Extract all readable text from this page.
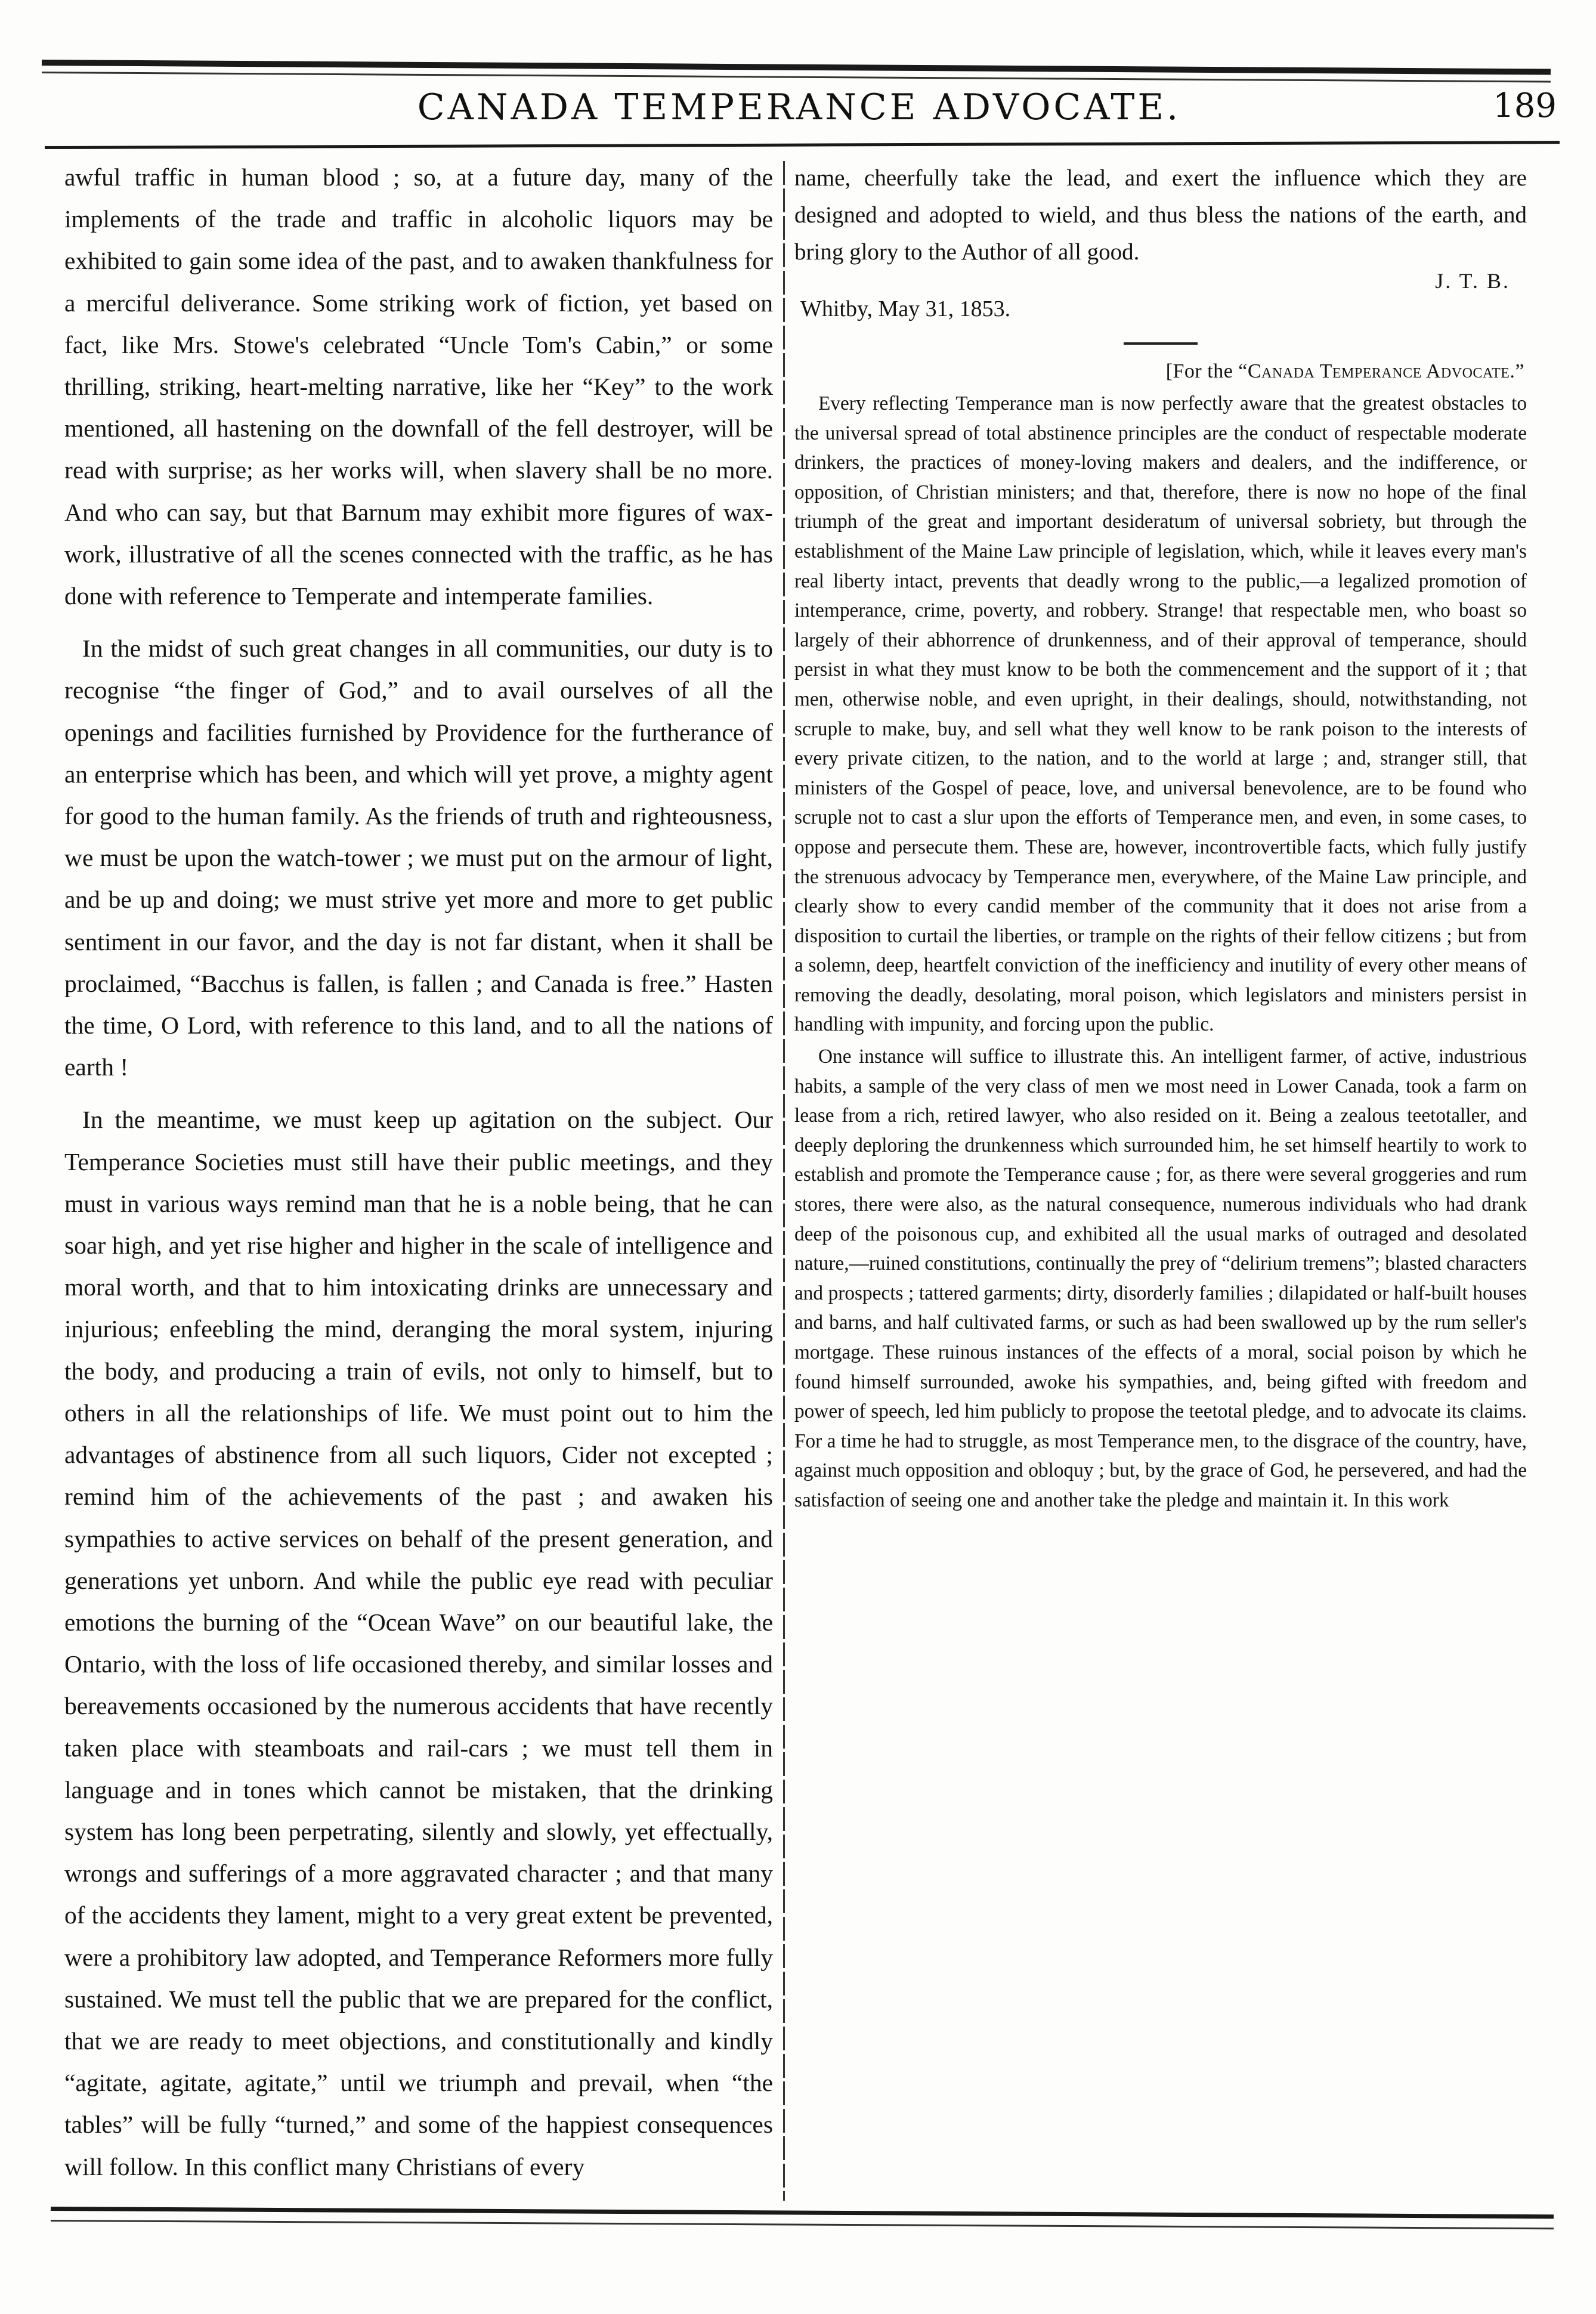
CANADA TEMPERANCE ADVOCATE.	189

awful traffic in human blood ; so, at a future day, many of the implements of the trade and traffic in alcoholic liquors may be exhibited to gain some idea of the past, and to awaken thankfulness for a merciful deliverance. Some striking work of fiction, yet based on fact, like Mrs. Stowe's celebrated “Uncle Tom's Cabin,” or some thrilling, striking, heart-melting narrative, like her “Key” to the work mentioned, all hastening on the downfall of the fell destroyer, will be read with surprise; as her works will, when slavery shall be no more. And who can say, but that Barnum may exhibit more figures of wax-work, illustrative of all the scenes connected with the traffic, as he has done with reference to Temperate and intemperate families.

In the midst of such great changes in all communities, our duty is to recognise “the finger of God,” and to avail ourselves of all the openings and facilities furnished by Providence for the furtherance of an enterprise which has been, and which will yet prove, a mighty agent for good to the human family. As the friends of truth and righteousness, we must be upon the watch-tower ; we must put on the armour of light, and be up and doing; we must strive yet more and more to get public sentiment in our favor, and the day is not far distant, when it shall be proclaimed, “Bacchus is fallen, is fallen ; and Canada is free.” Hasten the time, O Lord, with reference to this land, and to all the nations of earth !

In the meantime, we must keep up agitation on the subject. Our Temperance Societies must still have their public meetings, and they must in various ways remind man that he is a noble being, that he can soar high, and yet rise higher and higher in the scale of intelligence and moral worth, and that to him intoxicating drinks are unnecessary and injurious; enfeebling the mind, deranging the moral system, injuring the body, and producing a train of evils, not only to himself, but to others in all the relationships of life. We must point out to him the advantages of abstinence from all such liquors, Cider not excepted ; remind him of the achievements of the past ; and awaken his sympathies to active services on behalf of the present generation, and generations yet unborn. And while the public eye read with peculiar emotions the burning of the “Ocean Wave” on our beautiful lake, the Ontario, with the loss of life occasioned thereby, and similar losses and bereavements occasioned by the numerous accidents that have recently taken place with steamboats and rail-cars ; we must tell them in language and in tones which cannot be mistaken, that the drinking system has long been perpetrating, silently and slowly, yet effectually, wrongs and sufferings of a more aggravated character ; and that many of the accidents they lament, might to a very great extent be prevented, were a prohibitory law adopted, and Temperance Reformers more fully sustained. We must tell the public that we are prepared for the conflict, that we are ready to meet objections, and constitutionally and kindly “agitate, agitate, agitate,” until we triumph and prevail, when “the tables” will be fully “turned,” and some of the happiest consequences will follow. In this conflict many Christians of every

name, cheerfully take the lead, and exert the influence which they are designed and adopted to wield, and thus bless the nations of the earth, and bring glory to the Author of all good.

J. T. B.
Whitby, May 31, 1853.
[For the “Canada Temperance Advocate.”

Every reflecting Temperance man is now perfectly aware that the greatest obstacles to the universal spread of total abstinence principles are the conduct of respectable moderate drinkers, the practices of money-loving makers and dealers, and the indifference, or opposition, of Christian ministers; and that, therefore, there is now no hope of the final triumph of the great and important desideratum of universal sobriety, but through the establishment of the Maine Law principle of legislation, which, while it leaves every man's real liberty intact, prevents that deadly wrong to the public,—a legalized promotion of intemperance, crime, poverty, and robbery. Strange! that respectable men, who boast so largely of their abhorrence of drunkenness, and of their approval of temperance, should persist in what they must know to be both the commencement and the support of it ; that men, otherwise noble, and even upright, in their dealings, should, notwithstanding, not scruple to make, buy, and sell what they well know to be rank poison to the interests of every private citizen, to the nation, and to the world at large ; and, stranger still, that ministers of the Gospel of peace, love, and universal benevolence, are to be found who scruple not to cast a slur upon the efforts of Temperance men, and even, in some cases, to oppose and persecute them. These are, however, incontrovertible facts, which fully justify the strenuous advocacy by Temperance men, everywhere, of the Maine Law principle, and clearly show to every candid member of the community that it does not arise from a disposition to curtail the liberties, or trample on the rights of their fellow citizens ; but from a solemn, deep, heartfelt conviction of the inefficiency and inutility of every other means of removing the deadly, desolating, moral poison, which legislators and ministers persist in handling with impunity, and forcing upon the public.

One instance will suffice to illustrate this. An intelligent farmer, of active, industrious habits, a sample of the very class of men we most need in Lower Canada, took a farm on lease from a rich, retired lawyer, who also resided on it. Being a zealous teetotaller, and deeply deploring the drunkenness which surrounded him, he set himself heartily to work to establish and promote the Temperance cause ; for, as there were several groggeries and rum stores, there were also, as the natural consequence, numerous individuals who had drank deep of the poisonous cup, and exhibited all the usual marks of outraged and desolated nature,—ruined constitutions, continually the prey of “delirium tremens”; blasted characters and prospects ; tattered garments; dirty, disorderly families ; dilapidated or half-built houses and barns, and half cultivated farms, or such as had been swallowed up by the rum seller's mortgage. These ruinous instances of the effects of a moral, social poison by which he found himself surrounded, awoke his sympathies, and, being gifted with freedom and power of speech, led him publicly to propose the teetotal pledge, and to advocate its claims. For a time he had to struggle, as most Temperance men, to the disgrace of the country, have, against much opposition and obloquy ; but, by the grace of God, he persevered, and had the satisfaction of seeing one and another take the pledge and maintain it. In this work
